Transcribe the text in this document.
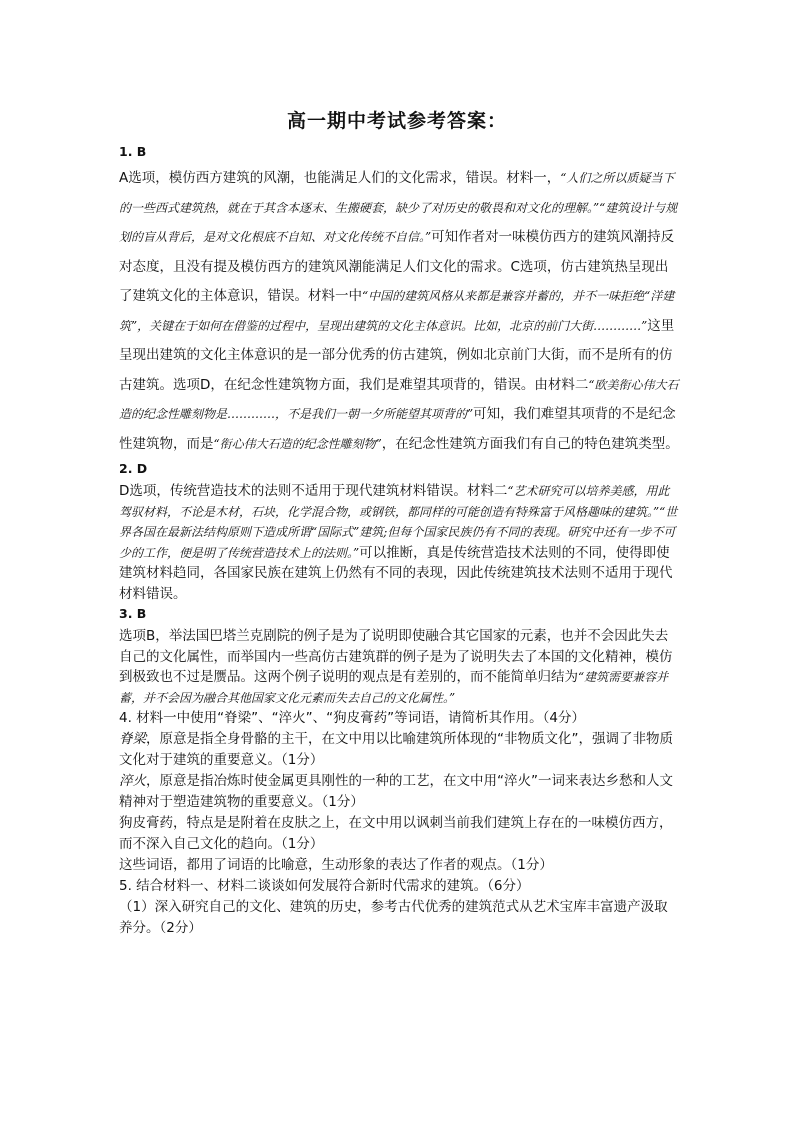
高一期中考试参考答案：
1. B
A选项，模仿西方建筑的风潮，也能满足人们的文化需求，错误。材料一，“人们之所以质疑当下的一些西式建筑热，就在于其含本逐末、生搬硬套，缺少了对历史的敬畏和对文化的理解。”“建筑设计与规划的盲从背后，是对文化根底不自知、对文化传统不自信。”可知作者对一味模仿西方的建筑风潮持反对态度，且没有提及模仿西方的建筑风潮能满足人们文化的需求。C选项，仿古建筑热呈现出了建筑文化的主体意识，错误。材料一中“中国的建筑风格从来都是兼容并蓄的，并不一味拒绝“洋建筑”，关键在于如何在借鉴的过程中，呈现出建筑的文化主体意识。比如，北京的前门大街…………”这里呈现出建筑的文化主体意识的是一部分优秀的仿古建筑，例如北京前门大街，而不是所有的仿古建筑。选项D，在纪念性建筑物方面，我们是难望其项背的，错误。由材料二“欧美衔心伟大石造的纪念性雕刻物是…………，不是我们一朝一夕所能望其项背的”可知，我们难望其项背的不是纪念性建筑物，而是“衔心伟大石造的纪念性雕刻物”，在纪念性建筑方面我们有自己的特色建筑类型。
2. D
D选项，传统营造技术的法则不适用于现代建筑材料错误。材料二“艺术研究可以培养美感，用此驾驭材料，不论是木材，石块，化学混合物，或钢铁，都同样的可能创造有特殊富于风格趣味的建筑。”“世界各国在最新法结构原则下造成所谓“国际式”建筑;但每个国家民族仍有不同的表现。研究中还有一步不可少的工作，便是明了传统营造技术上的法则。”可以推断，真是传统营造技术法则的不同，使得即使建筑材料趋同，各国家民族在建筑上仍然有不同的表现，因此传统建筑技术法则不适用于现代材料错误。
3. B
选项B，举法国巴塔兰克剧院的例子是为了说明即使融合其它国家的元素，也并不会因此失去自己的文化属性，而举国内一些高仿古建筑群的例子是为了说明失去了本国的文化精神，模仿到极致也不过是赝品。这两个例子说明的观点是有差别的，而不能简单归结为“建筑需要兼容并蓄，并不会因为融合其他国家文化元素而失去自己的文化属性。”
4. 材料一中使用“脊梁”、“淬火”、“狗皮膏药”等词语，请简析其作用。（4分）
脊梁，原意是指全身骨骼的主干，在文中用以比喻建筑所体现的“非物质文化”，强调了非物质文化对于建筑的重要意义。（1分）
淬火，原意是指冶炼时使金属更具刚性的一种的工艺，在文中用“淬火”一词来表达乡愁和人文精神对于塑造建筑物的重要意义。（1分）
狗皮膏药，特点是是附着在皮肤之上，在文中用以讽刺当前我们建筑上存在的一味模仿西方，而不深入自己文化的趋向。（1分）
这些词语，都用了词语的比喻意，生动形象的表达了作者的观点。（1分）
5. 结合材料一、材料二谈谈如何发展符合新时代需求的建筑。（6分）
（1）深入研究自己的文化、建筑的历史，参考古代优秀的建筑范式从艺术宝库丰富遗产汲取养分。（2分）
